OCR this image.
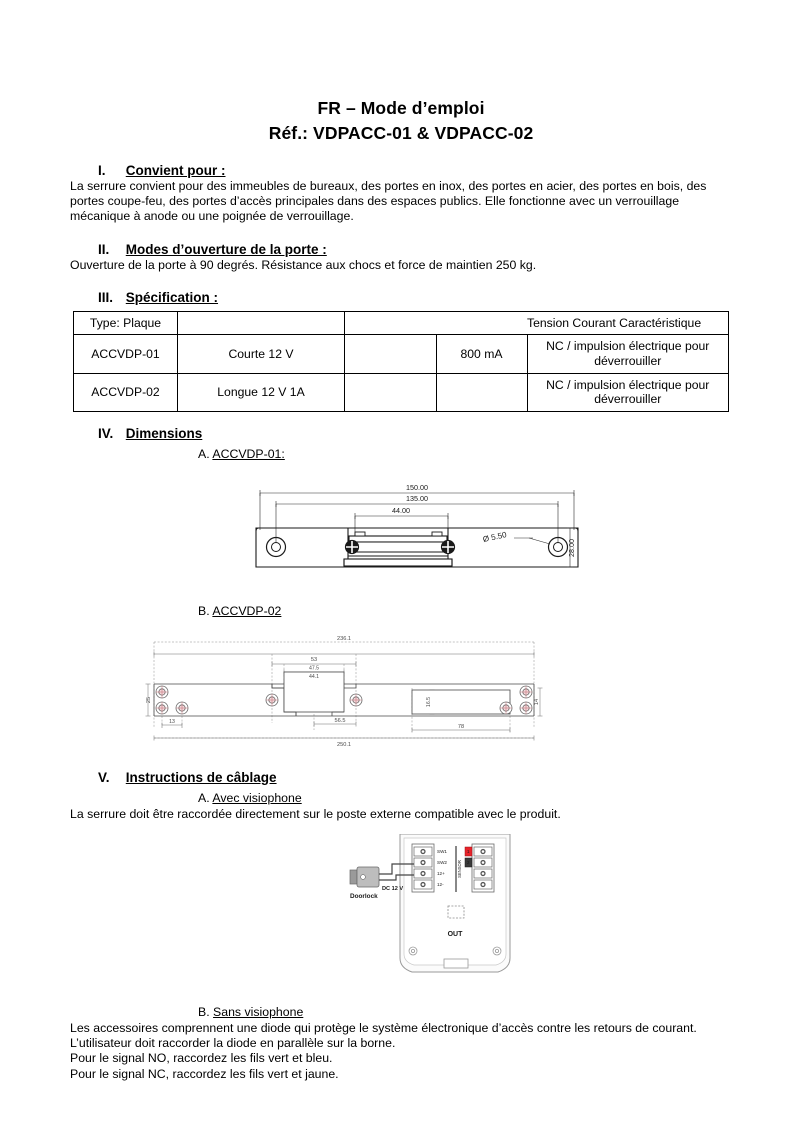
FR – Mode d’emploi
Réf.: VDPACC-01 & VDPACC-02
I. Convient pour :

La serrure convient pour des immeubles de bureaux, des portes en inox, des portes en acier, des portes en bois, des portes coupe-feu, des portes d’accès principales dans des espaces publics. Elle fonctionne avec un verrouillage mécanique à anode ou une poignée de verrouillage.

II. Modes d’ouverture de la porte :

Ouverture de la porte à 90 degrés. Résistance aux chocs et force de maintien 250 kg.

III. Spécification :
Type: Plaque				Tension Courant Caractéristique
ACCVDP-01	Courte 12 V		800 mA	NC / impulsion électrique pour déverrouiller
ACCVDP-02	Longue 12 V 1A			NC / impulsion électrique pour déverrouiller
IV. Dimensions
A. ACCVDP-01:
150.00
135.00
44.00
Ø 5.50
28.00
B. ACCVDP-02
236.1
53
47.5
44.1
56.5
78
250.1
13
25	14
16.5
V. Instructions de câblage
A. Avec visiophone

La serrure doit être raccordée directement sur le poste externe compatible avec le produit.

SW1
SW2
12+
12-
SENSOR
1
2
OUT
Doorlock
DC 12 V
B. Sans visiophone

Les accessoires comprennent une diode qui protège le système électronique d’accès contre les retours de courant. L’utilisateur doit raccorder la diode en parallèle sur la borne.

Pour le signal NO, raccordez les fils vert et bleu.

Pour le signal NC, raccordez les fils vert et jaune.
